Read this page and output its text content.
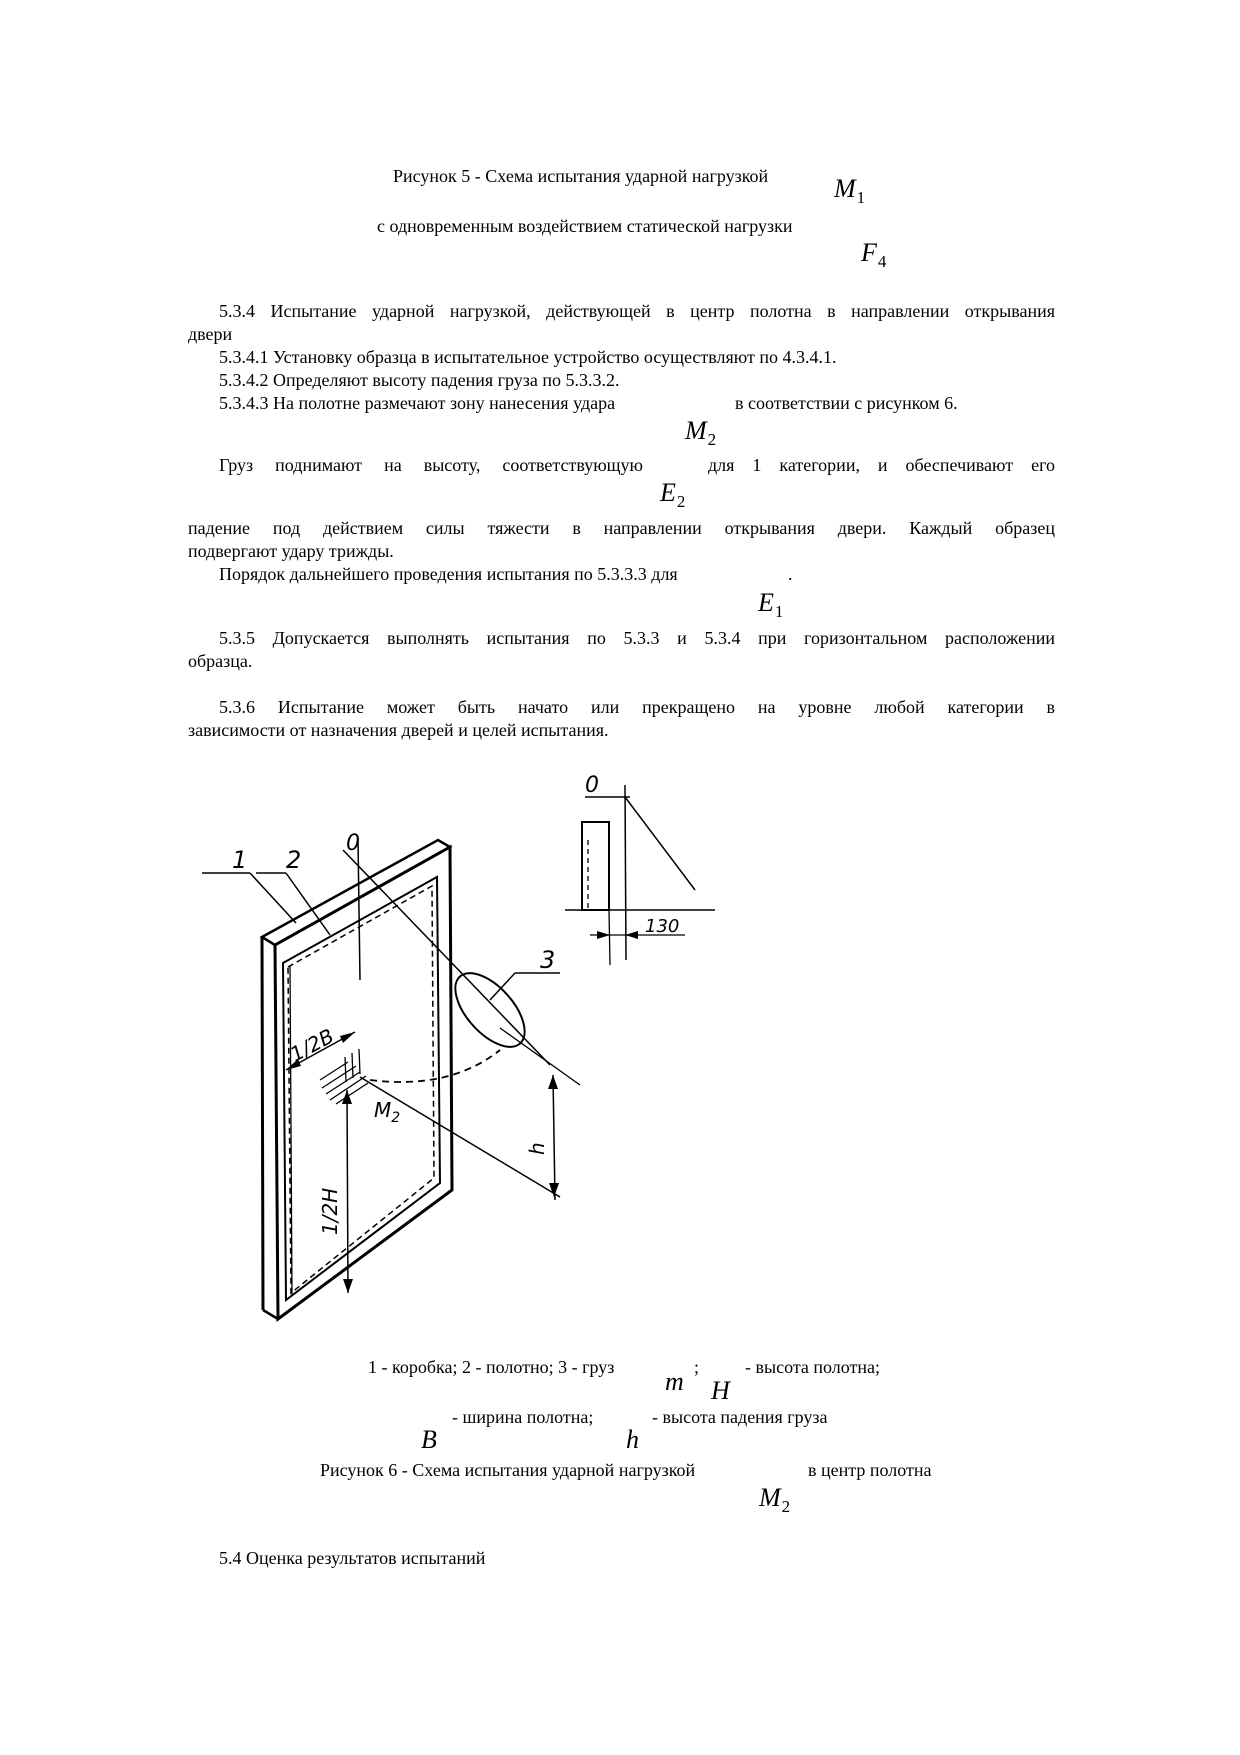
Рисунок 5 - Схема испытания ударной нагрузкой	$M_1$
с одновременным воздействием статической нагрузки
$F_4$
5.3.4 Испытание ударной нагрузкой, действующей в центр полотна в направлении открывания
двери
5.3.4.1 Установку образца в испытательное устройство осуществляют по 4.3.4.1.
5.3.4.2 Определяют высоту падения груза по 5.3.3.2.
5.3.4.3 На полотне размечают зону нанесения удара	в соответствии с рисунком 6.
$M_2$
Груз поднимают на высоту, соответствующую	для 1 категории, и обеспечивают его
$E_2$
падение под действием силы тяжести в направлении открывания двери. Каждый образец
подвергают удару трижды.
Порядок дальнейшего проведения испытания по 5.3.3.3 для	.
$E_1$
5.3.5 Допускается выполнять испытания по 5.3.3 и 5.3.4 при горизонтальном расположении
образца.
5.3.6 Испытание может быть начато или прекращено на уровне любой категории в
зависимости от назначения дверей и целей испытания.
1 2
0
0
3
1/2B
1/2H
h
$M_2$
130
1 - коробка; 2 - полотно; 3 - груз m ;
H
- высота полотна;
- ширина полотна;
B	h
- высота падения груза
Рисунок 6 - Схема испытания ударной нагрузкой	в центр полотна
$M_2$
5.4 Оценка результатов испытаний
